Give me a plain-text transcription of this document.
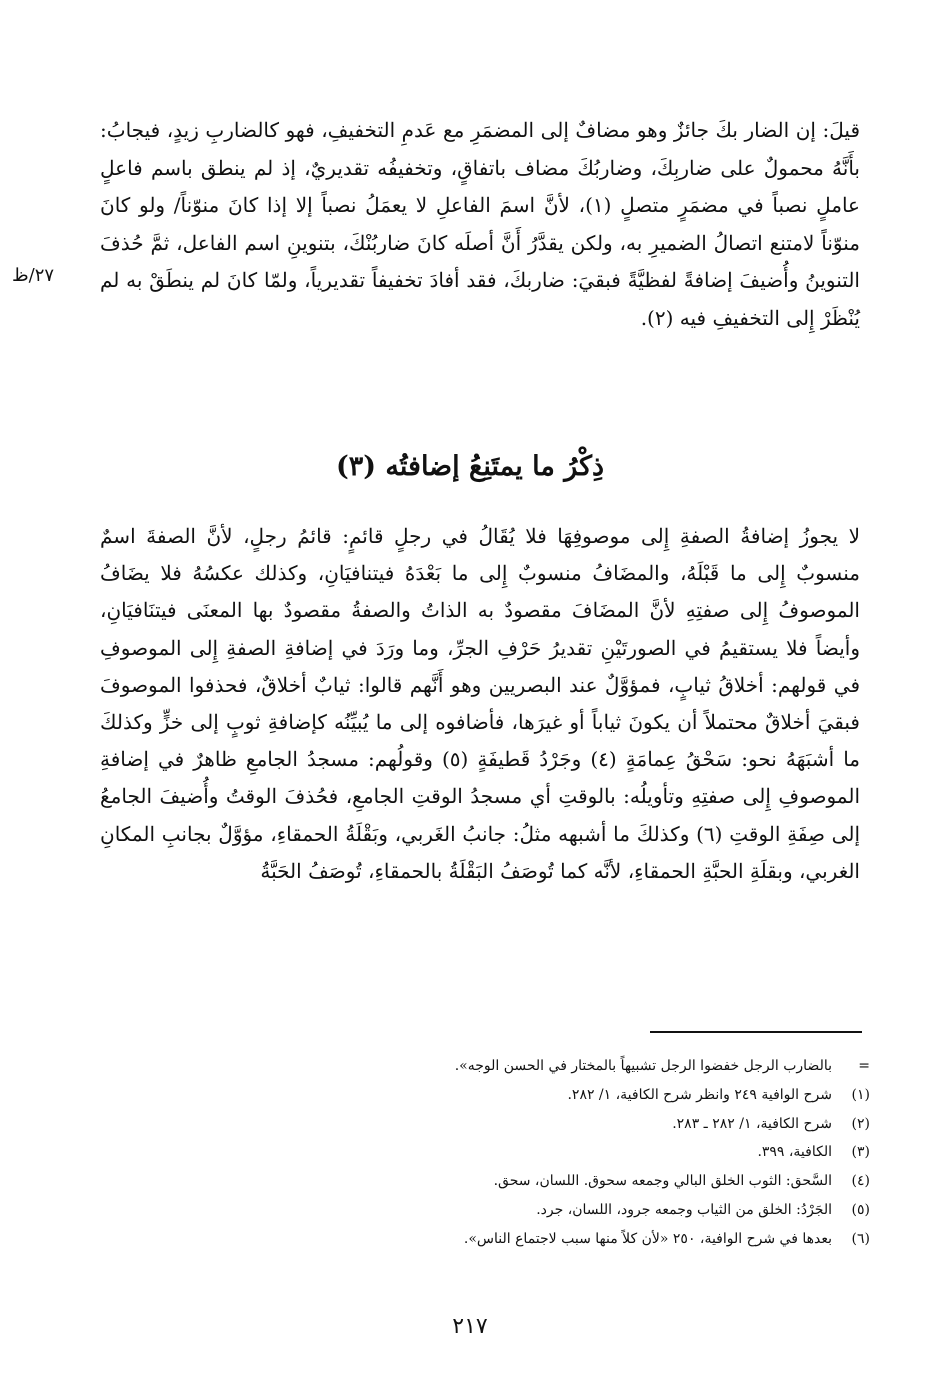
قيلَ: إن الضار بكَ جائزٌ وهو مضافٌ إلى المضمَرِ مع عَدمِ التخفيفِ، فهو كالضاربِ زيدٍ، فيجابُ: بأَنَّهُ محمولٌ على ضاربِكَ، وضاربُكَ مضاف باتفاقٍ، وتخفيفُه تقديريٌ، إذ لم ينطق باسم فاعلٍ عاملٍ نصباً في مضمَرٍ متصلٍ (١)، لأنَّ اسمَ الفاعلِ لا يعمَلُ نصباً إلا إذا كانَ منوّناً/ ولو كانَ منوّناً لامتنع اتصالُ الضميرِ به، ولكن يقدَّرُ أَنَّ أصلَه كانَ ضاربُنْكَ، بتنوينِ اسم الفاعل، ثمَّ حُذفَ التنوينُ وأُضيفَ إضافةً لفظيَّةً فبقيَ: ضاربكَ، فقد أفادَ تخفيفاً تقديرياً، ولمّا كانَ لم ينطَقْ به لم يُنْظَرْ إِلى التخفيفِ فيه (٢).

٢٧/ظ
ذِكْرُ ما يمتَنِعُ إضافتُه (٣)

لا يجوزُ إضافةُ الصفةِ إِلى موصوفِهَا فلا يُقَالُ في رجلٍ قائمٍ: قائمُ رجلٍ، لأنَّ الصفةَ اسمٌ منسوبٌ إِلى ما قَبْلَهُ، والمضَافُ منسوبٌ إِلى ما بَعْدَهُ فيتنافيَانِ، وكذلك عكسُهُ فلا يضَافُ الموصوفُ إِلى صفتِهِ لأنَّ المضَافَ مقصودٌ به الذاتُ والصفةُ مقصودٌ بها المعنَى فيتنَافيَانِ، وأيضاً فلا يستقيمُ في الصورتَيْنِ تقديرُ حَرْفِ الجرِّ، وما ورَدَ في إضافةِ الصفةِ إِلى الموصوفِ في قولهم: أخلاقُ ثيابٍ، فمؤوَّلٌ عند البصريين وهو أَنَّهم قالوا: ثيابٌ أخلاقٌ، فحذفوا الموصوفَ فبقيَ أخلاقٌ محتملاً أن يكونَ ثياباً أو غيرَها، فأضافوه إلى ما يُبيِّنُه كإضافةِ ثوبٍ إلى خزٍّ وكذلكَ ما أشبَهَهُ نحو: سَحْقُ عِمامَةٍ (٤) وجَرْدُ قَطيفَةٍ (٥) وقولُهم: مسجدُ الجامعِ ظاهرٌ في إضافةِ الموصوفِ إِلى صفتِهِ وتأويلُه: بالوقتِ أي مسجدُ الوقتِ الجامعِ، فحُذفَ الوقتُ وأُضيفَ الجامعُ إلى صِفَةِ الوقتِ (٦) وكذلكَ ما أشبهه مثلُ: جانبُ الغَربي، وبَقْلَةُ الحمقاءِ، مؤوَّلٌ بجانبِ المكانِ الغربي، وبقلَةِ الحبَّةِ الحمقاءِ، لأنَّه كما تُوصَفُ البَقْلَةُ بالحمقاءِ، تُوصَفُ الحَبَّةُ

=بالضارب الرجل خفضوا الرجل تشبيهاً بالمختار في الحسن الوجه».
(١)شرح الوافية ٢٤٩ وانظر شرح الكافية، ١/ ٢٨٢.
(٢)شرح الكافية، ١/ ٢٨٢ ـ ٢٨٣.
(٣)الكافية، ٣٩٩.
(٤)السَّحق: الثوب الخلق البالي وجمعه سحوق. اللسان، سحق.
(٥)الجَرْدُ: الخلق من الثياب وجمعه جرود، اللسان، جرد.
(٦)بعدها في شرح الوافية، ٢٥٠ «لأن كلاً منها سبب لاجتماع الناس».
٢١٧
